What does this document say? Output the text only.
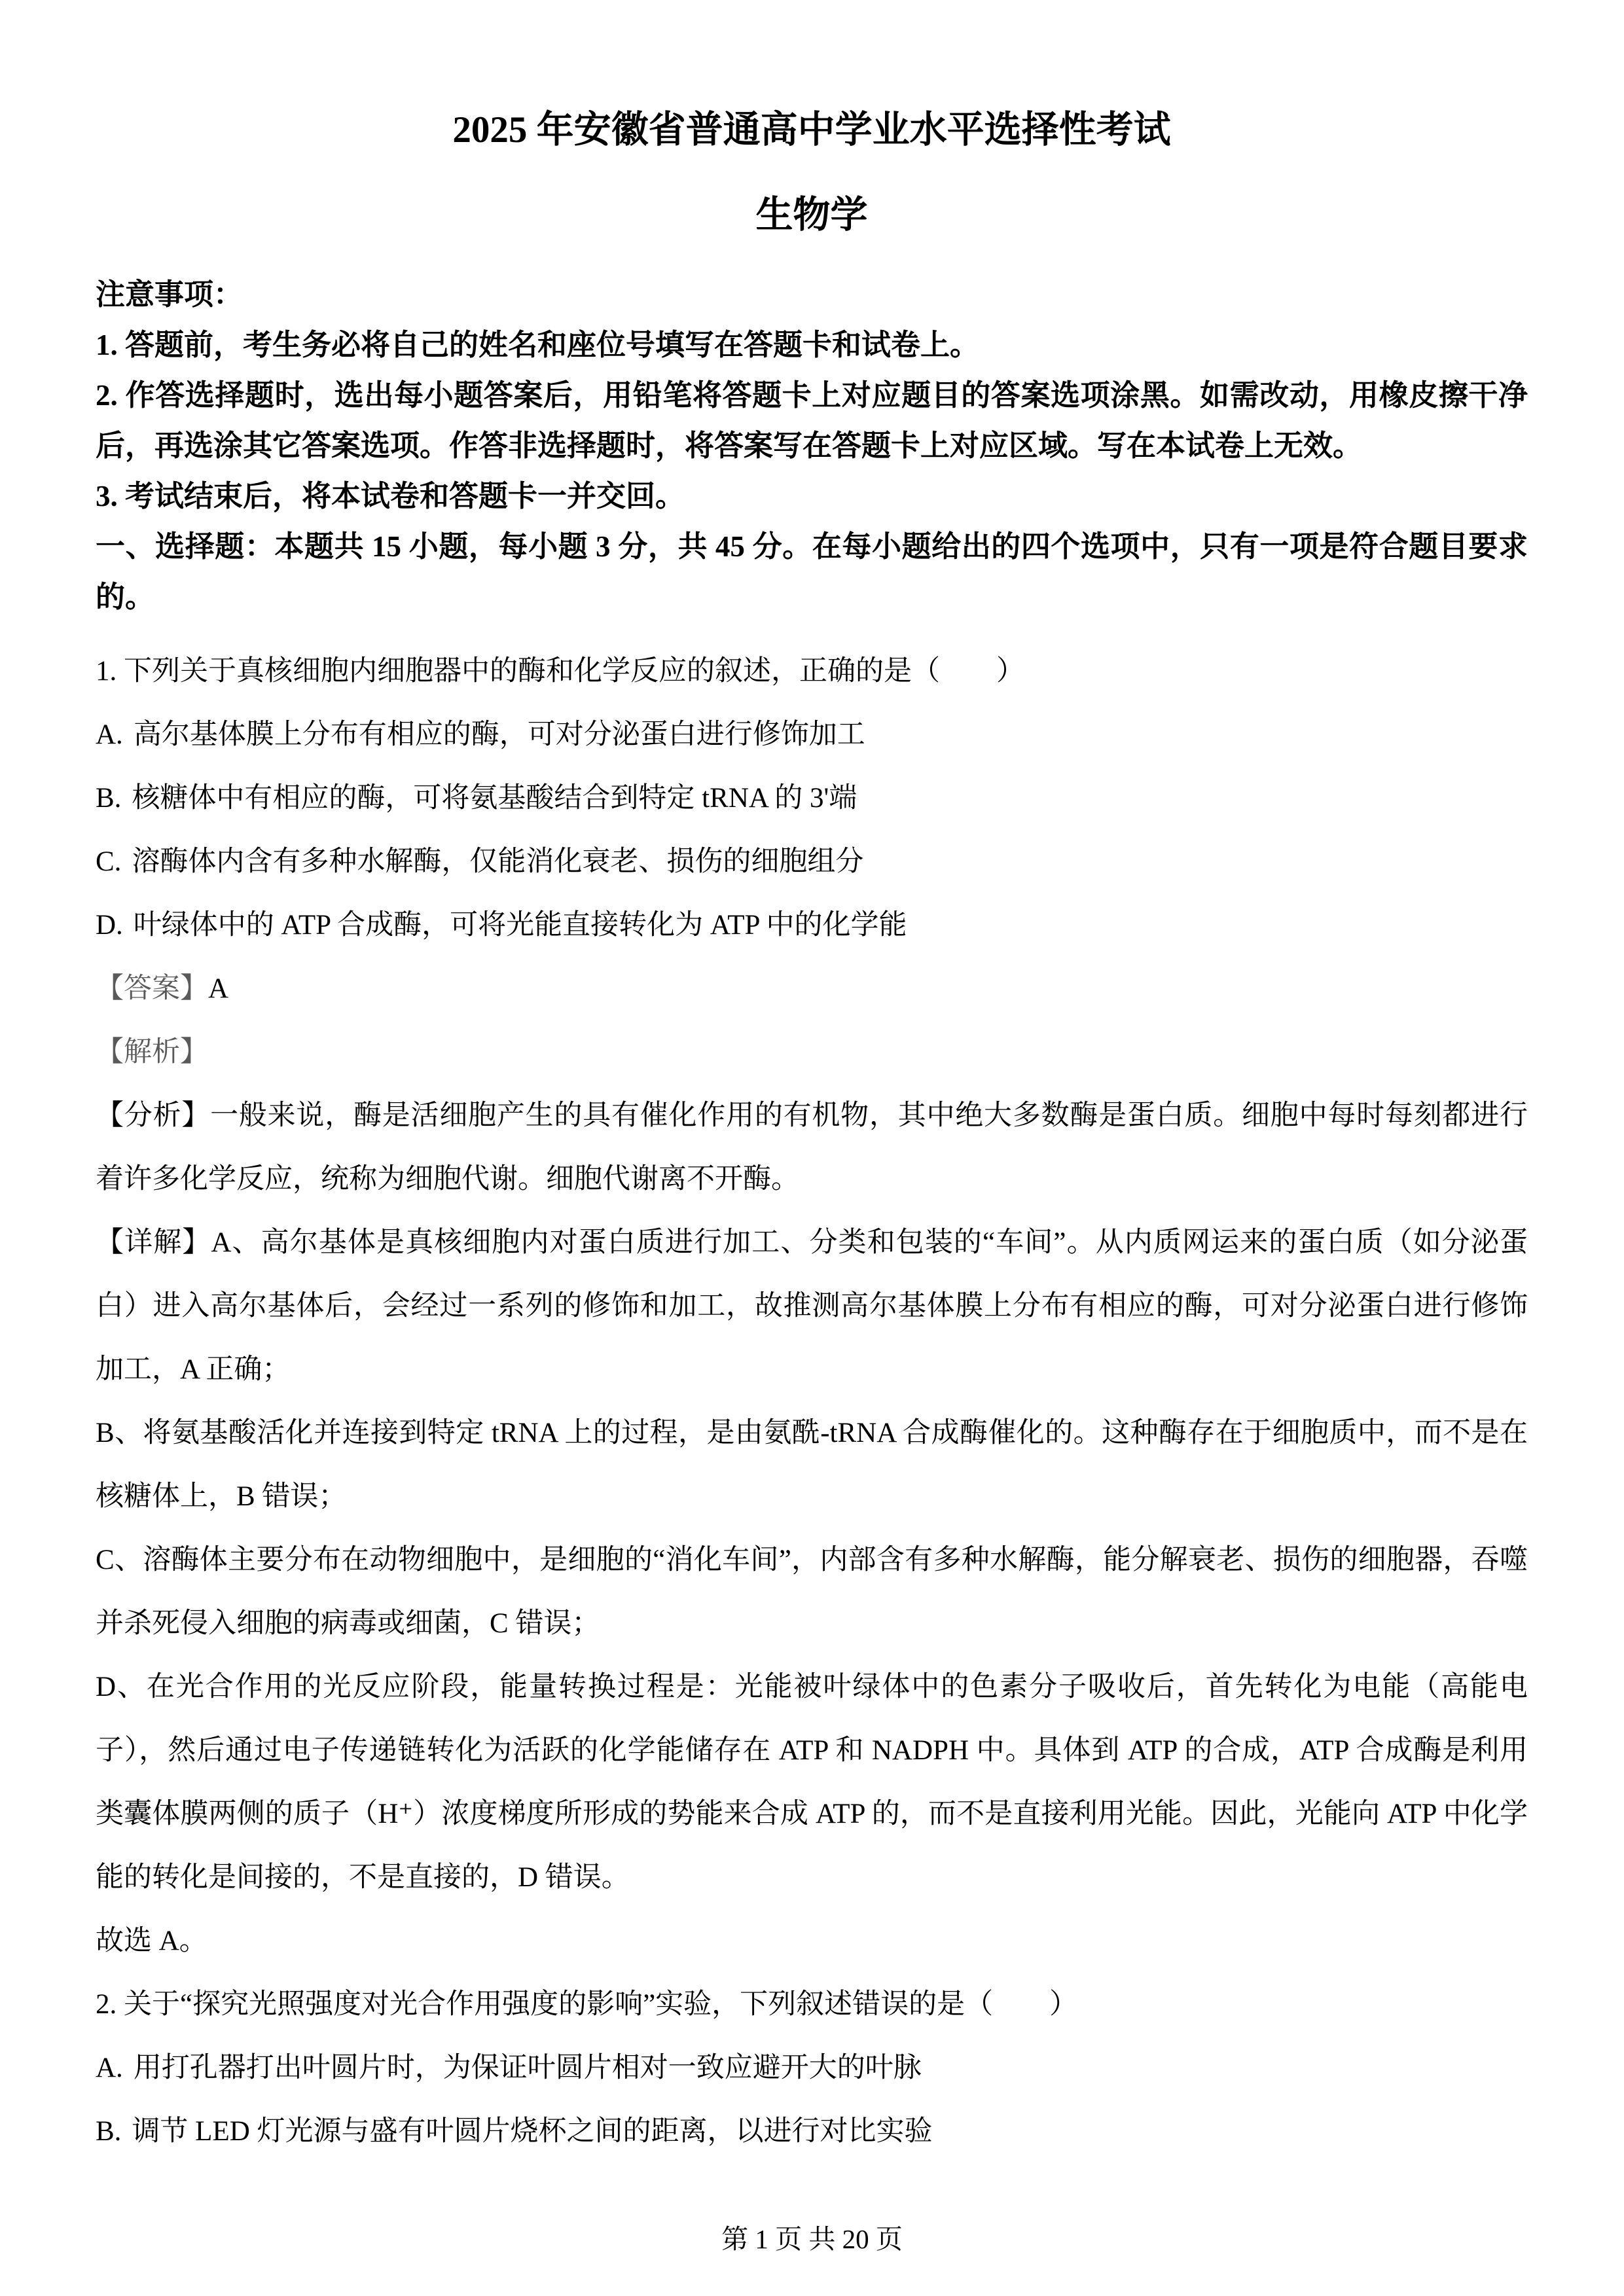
2025 年安徽省普通高中学业水平选择性考试
生物学

注意事项：

1. 答题前，考生务必将自己的姓名和座位号填写在答题卡和试卷上。

2. 作答选择题时，选出每小题答案后，用铅笔将答题卡上对应题目的答案选项涂黑。如需改动，用橡皮擦干净后，再选涂其它答案选项。作答非选择题时，将答案写在答题卡上对应区域。写在本试卷上无效。

3. 考试结束后，将本试卷和答题卡一并交回。

一、选择题：本题共 15 小题，每小题 3 分，共 45 分。在每小题给出的四个选项中，只有一项是符合题目要求的。

1. 下列关于真核细胞内细胞器中的酶和化学反应的叙述，正确的是（　　）

A. 高尔基体膜上分布有相应的酶，可对分泌蛋白进行修饰加工

B. 核糖体中有相应的酶，可将氨基酸结合到特定 tRNA 的 3'端

C. 溶酶体内含有多种水解酶，仅能消化衰老、损伤的细胞组分

D. 叶绿体中的 ATP 合成酶，可将光能直接转化为 ATP 中的化学能

【答案】A

【解析】

【分析】一般来说，酶是活细胞产生的具有催化作用的有机物，其中绝大多数酶是蛋白质。细胞中每时每刻都进行着许多化学反应，统称为细胞代谢。细胞代谢离不开酶。

【详解】A、高尔基体是真核细胞内对蛋白质进行加工、分类和包装的“车间”。从内质网运来的蛋白质（如分泌蛋白）进入高尔基体后，会经过一系列的修饰和加工，故推测高尔基体膜上分布有相应的酶，可对分泌蛋白进行修饰加工，A 正确；

B、将氨基酸活化并连接到特定 tRNA 上的过程，是由氨酰-tRNA 合成酶催化的。这种酶存在于细胞质中，而不是在核糖体上，B 错误；

C、溶酶体主要分布在动物细胞中，是细胞的“消化车间”，内部含有多种水解酶，能分解衰老、损伤的细胞器，吞噬并杀死侵入细胞的病毒或细菌，C 错误；

D、在光合作用的光反应阶段，能量转换过程是：光能被叶绿体中的色素分子吸收后，首先转化为电能（高能电子），然后通过电子传递链转化为活跃的化学能储存在 ATP 和 NADPH 中。具体到 ATP 的合成，ATP 合成酶是利用类囊体膜两侧的质子（H⁺）浓度梯度所形成的势能来合成 ATP 的，而不是直接利用光能。因此，光能向 ATP 中化学能的转化是间接的，不是直接的，D 错误。

故选 A。

2. 关于“探究光照强度对光合作用强度的影响”实验，下列叙述错误的是（　　）

A. 用打孔器打出叶圆片时，为保证叶圆片相对一致应避开大的叶脉

B. 调节 LED 灯光源与盛有叶圆片烧杯之间的距离，以进行对比实验

第 1 页 共 20 页
